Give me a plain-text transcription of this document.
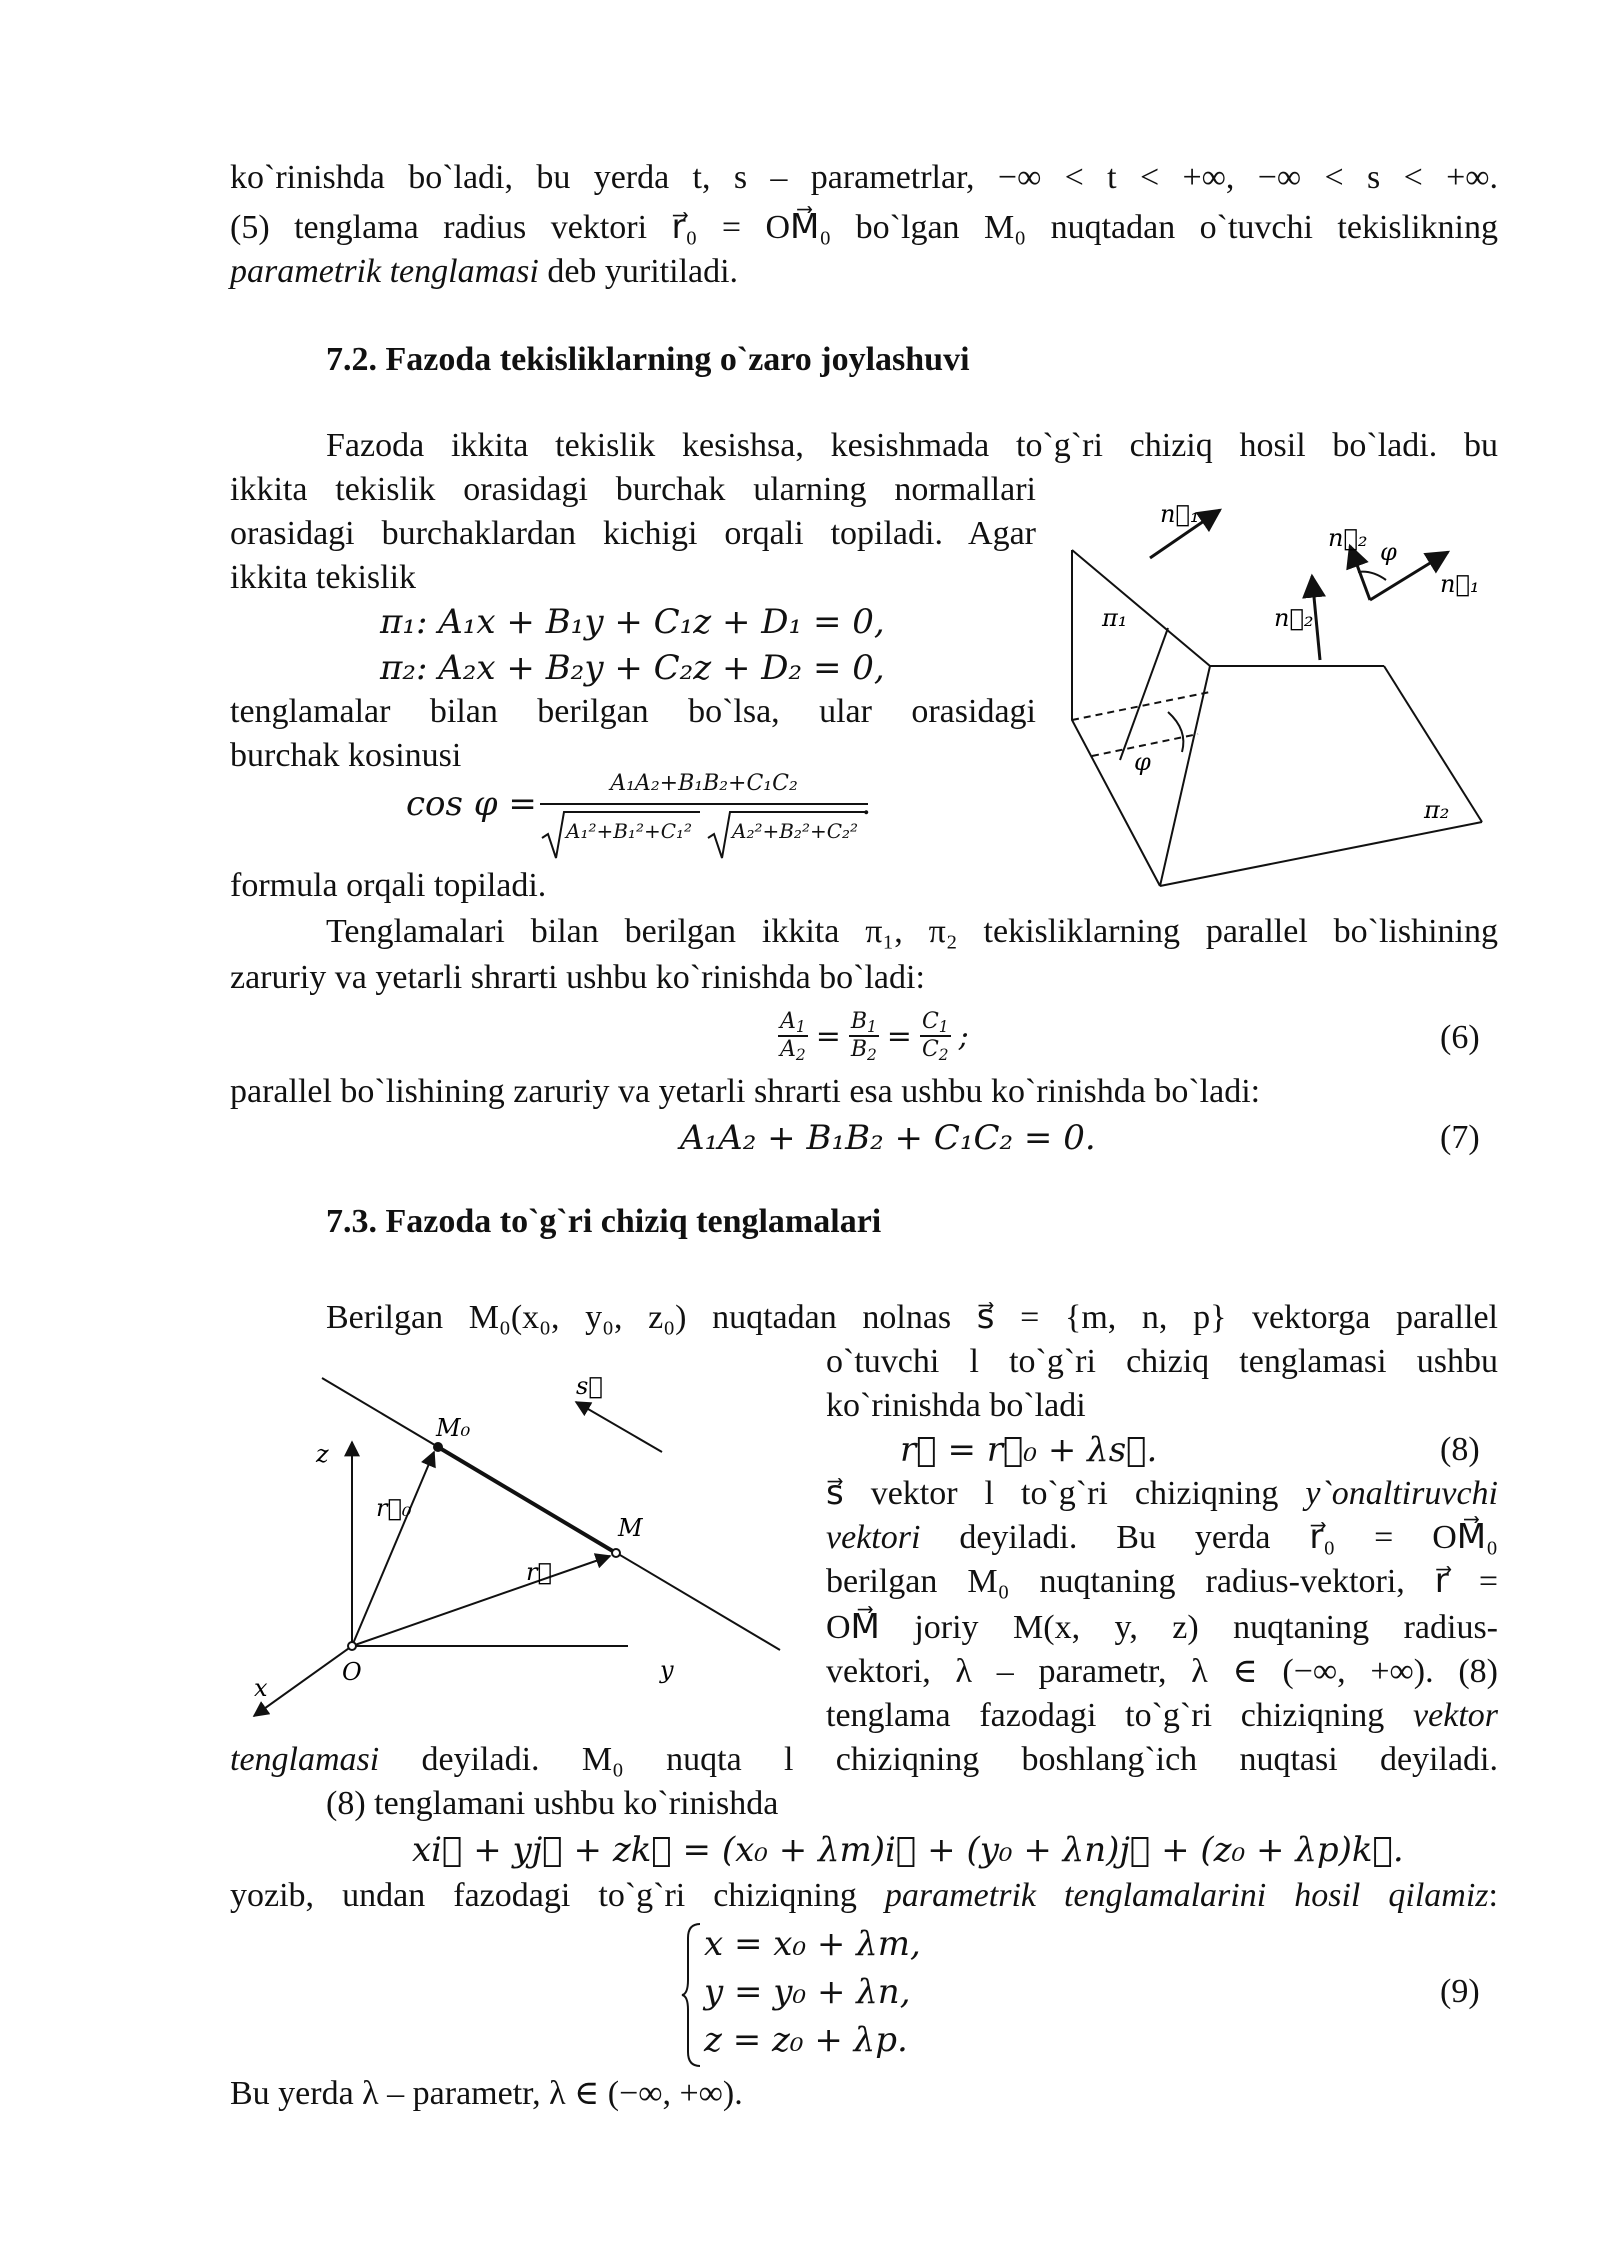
ko`rinishda bo`ladi, bu yerda t, s – parametrlar, −∞ < t < +∞, −∞ < s < +∞.
(5) tenglama radius vektori r⃗₀ = OM⃗₀ bo`lgan M₀ nuqtadan o`tuvchi tekislikning
parametrik tenglamasi deb yuritiladi.
7.2. Fazoda tekisliklarning o`zaro joylashuvi
Fazoda ikkita tekislik kesishsa, kesishmada to`g`ri chiziq hosil bo`ladi. bu
ikkita tekislik orasidagi burchak ularning normallari
orasidagi burchaklardan kichigi orqali topiladi. Agar
ikkita tekislik
π₁: A₁x + B₁y + C₁z + D₁ = 0,
π₂: A₂x + B₂y + C₂z + D₂ = 0,
tenglamalar bilan berilgan bo`lsa, ular orasidagi
burchak kosinusi
cos φ =
A₁A₂+B₁B₂+C₁C₂
A₁²+B₁²+C₁² A₂²+B₂²+C₂²
.
formula orqali topiladi.
Tenglamalari bilan berilgan ikkita π₁, π₂ tekisliklarning parallel bo`lishining
zaruriy va yetarli shrarti ushbu ko`rinishda bo`ladi:
$\frac{A_1}{A_2} = \frac{B_1}{B_2} = \frac{C_1}{C_2}$ ;	(6)
parallel bo`lishining zaruriy va yetarli shrarti esa ushbu ko`rinishda bo`ladi:
A₁A₂ + B₁B₂ + C₁C₂ = 0.	(7)
n⃗₁
n⃗₂ φ
n⃗₁
π₁	n⃗₂
φ
π₂
7.3. Fazoda to`g`ri chiziq tenglamalari
Berilgan M₀(x₀, y₀, z₀) nuqtadan nolnas s⃗ = {m, n, p} vektorga parallel
o`tuvchi l to`g`ri chiziq tenglamasi ushbu
ko`rinishda bo`ladi
r⃗ = r⃗₀ + λs⃗.	(8)
s⃗ vektor l to`g`ri chiziqning y`onaltiruvchi
vektori deyiladi. Bu yerda r⃗₀ = OM⃗₀
berilgan M₀ nuqtaning radius-vektori, r⃗ =
OM⃗ joriy M(x, y, z) nuqtaning radius-
vektori, λ – parametr, λ ∈ (−∞, +∞). (8)
tenglama fazodagi to`g`ri chiziqning vektor
tenglamasi deyiladi. M₀ nuqta l chiziqning boshlang`ich nuqtasi deyiladi.
(8) tenglamani ushbu ko`rinishda
xi⃗ + yj⃗ + zk⃗ = (x₀ + λm)i⃗ + (y₀ + λn)j⃗ + (z₀ + λp)k⃗.
yozib, undan fazodagi to`g`ri chiziqning parametrik tenglamalarini hosil qilamiz:
x = x₀ + λm,
y = y₀ + λn,
z = z₀ + λp.
(9)
Bu yerda λ – parametr, λ ∈ (−∞, +∞).
s⃗
z
M₀
r⃗₀
r⃗
M
O	y
x
